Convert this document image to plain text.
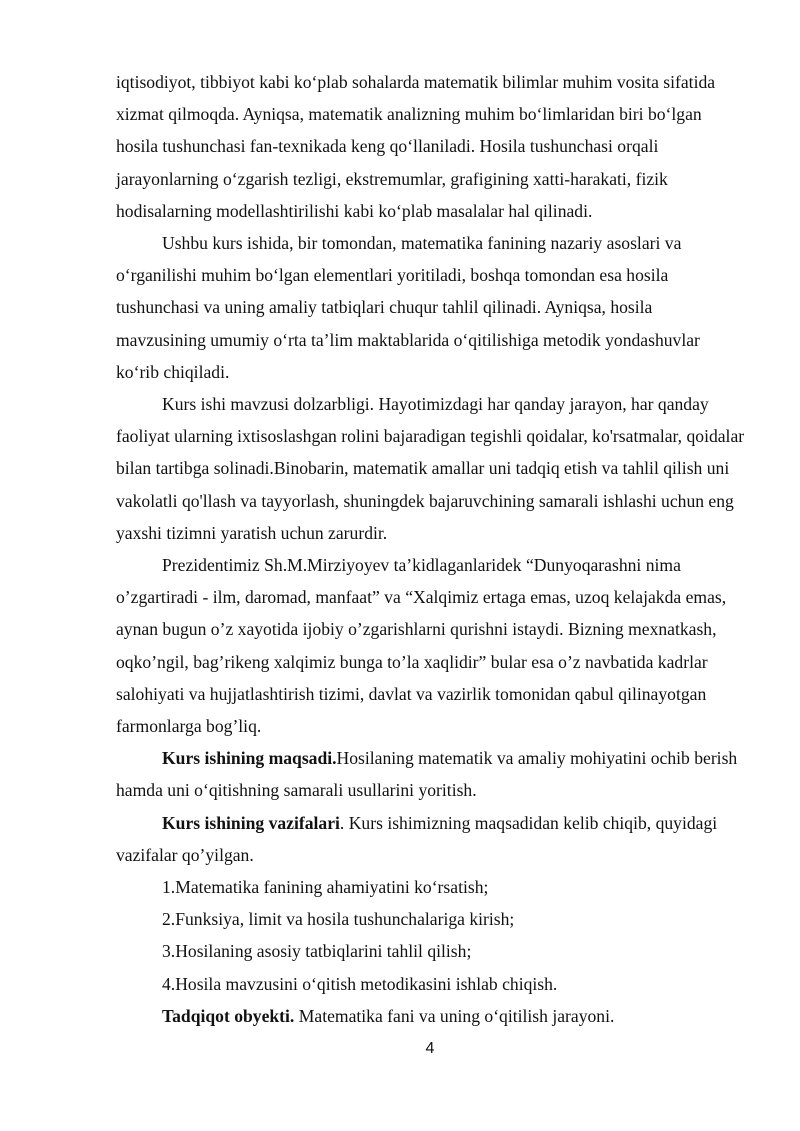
iqtisodiyot, tibbiyot kabi ko‘plab sohalarda matematik bilimlar muhim vosita sifatida xizmat qilmoqda. Ayniqsa, matematik analizning muhim bo‘limlaridan biri bo‘lgan hosila tushunchasi fan-texnikada keng qo‘llaniladi. Hosila tushunchasi orqali jarayonlarning o‘zgarish tezligi, ekstremumlar, grafigining xatti-harakati, fizik hodisalarning modellashtirilishi kabi ko‘plab masalalar hal qilinadi.

Ushbu kurs ishida, bir tomondan, matematika fanining nazariy asoslari va o‘rganilishi muhim bo‘lgan elementlari yoritiladi, boshqa tomondan esa hosila tushunchasi va uning amaliy tatbiqlari chuqur tahlil qilinadi. Ayniqsa, hosila mavzusining umumiy o‘rta ta’lim maktablarida o‘qitilishiga metodik yondashuvlar ko‘rib chiqiladi.

Kurs ishi mavzusi dolzarbligi. Hayotimizdagi har qanday jarayon, har qanday faoliyat ularning ixtisoslashgan rolini bajaradigan tegishli qoidalar, ko'rsatmalar, qoidalar bilan tartibga solinadi.Binobarin, matematik amallar uni tadqiq etish va tahlil qilish uni vakolatli qo'llash va tayyorlash, shuningdek bajaruvchining samarali ishlashi uchun eng yaxshi tizimni yaratish uchun zarurdir.

Prezidentimiz Sh.M.Mirziyoyev ta’kidlaganlaridek “Dunyoqarashni nima o’zgartiradi - ilm, daromad, manfaat” va “Xalqimiz ertaga emas, uzoq kelajakda emas, aynan bugun o’z xayotida ijobiy o’zgarishlarni qurishni istaydi. Bizning mexnatkash, oqko’ngil, bag’rikeng xalqimiz bunga to’la xaqlidir” bular esa o’z navbatida kadrlar salohiyati va hujjatlashtirish tizimi, davlat va vazirlik tomonidan qabul qilinayotgan farmonlarga bog’liq.

Kurs ishining maqsadi.Hosilaning matematik va amaliy mohiyatini ochib berish hamda uni o‘qitishning samarali usullarini yoritish.

Kurs ishining vazifalari. Kurs ishimizning maqsadidan kelib chiqib, quyidagi vazifalar qo’yilgan.

1.Matematika fanining ahamiyatini ko‘rsatish;

2.Funksiya, limit va hosila tushunchalariga kirish;

3.Hosilaning asosiy tatbiqlarini tahlil qilish;

4.Hosila mavzusini o‘qitish metodikasini ishlab chiqish.

Tadqiqot obyekti. Matematika fani va uning o‘qitilish jarayoni.

4
